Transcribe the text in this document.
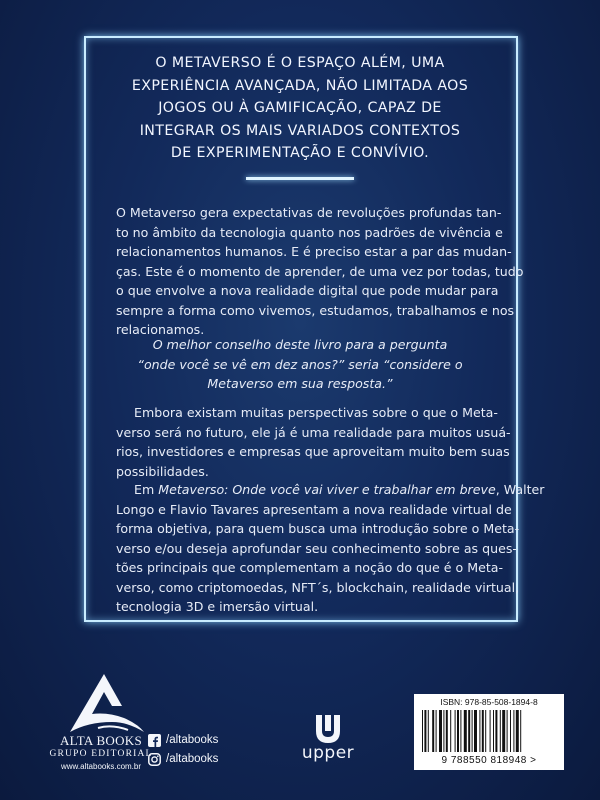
O METAVERSO É O ESPAÇO ALÉM, UMA
EXPERIÊNCIA AVANÇADA, NÃO LIMITADA AOS
JOGOS OU À GAMIFICAÇÃO, CAPAZ DE
INTEGRAR OS MAIS VARIADOS CONTEXTOS
DE EXPERIMENTAÇÃO E CONVÍVIO.

O Metaverso gera expectativas de revoluções profundas tan-
to no âmbito da tecnologia quanto nos padrões de vivência e
relacionamentos humanos. E é preciso estar a par das mudan-
ças. Este é o momento de aprender, de uma vez por todas, tudo
o que envolve a nova realidade digital que pode mudar para
sempre a forma como vivemos, estudamos, trabalhamos e nos
relacionamos.

O melhor conselho deste livro para a pergunta
“onde você se vê em dez anos?” seria “considere o
Metaverso em sua resposta.”

Embora existam muitas perspectivas sobre o que o Meta-
verso será no futuro, ele já é uma realidade para muitos usuá-
rios, investidores e empresas que aproveitam muito bem suas
possibilidades.

Em Metaverso: Onde você vai viver e trabalhar em breve, Walter
Longo e Flavio Tavares apresentam a nova realidade virtual de
forma objetiva, para quem busca uma introdução sobre o Meta-
verso e/ou deseja aprofundar seu conhecimento sobre as ques-
tões principais que complementam a noção do que é o Meta-
verso, como criptomoedas, NFT´s, blockchain, realidade virtual,
tecnologia 3D e imersão virtual.

ALTA BOOKS
GRUPO EDITORIAL
www.altabooks.com.br
/altabooks
/altabooks	upper
ISBN: 978-85-508-1894-8
9 788550 818948 >
